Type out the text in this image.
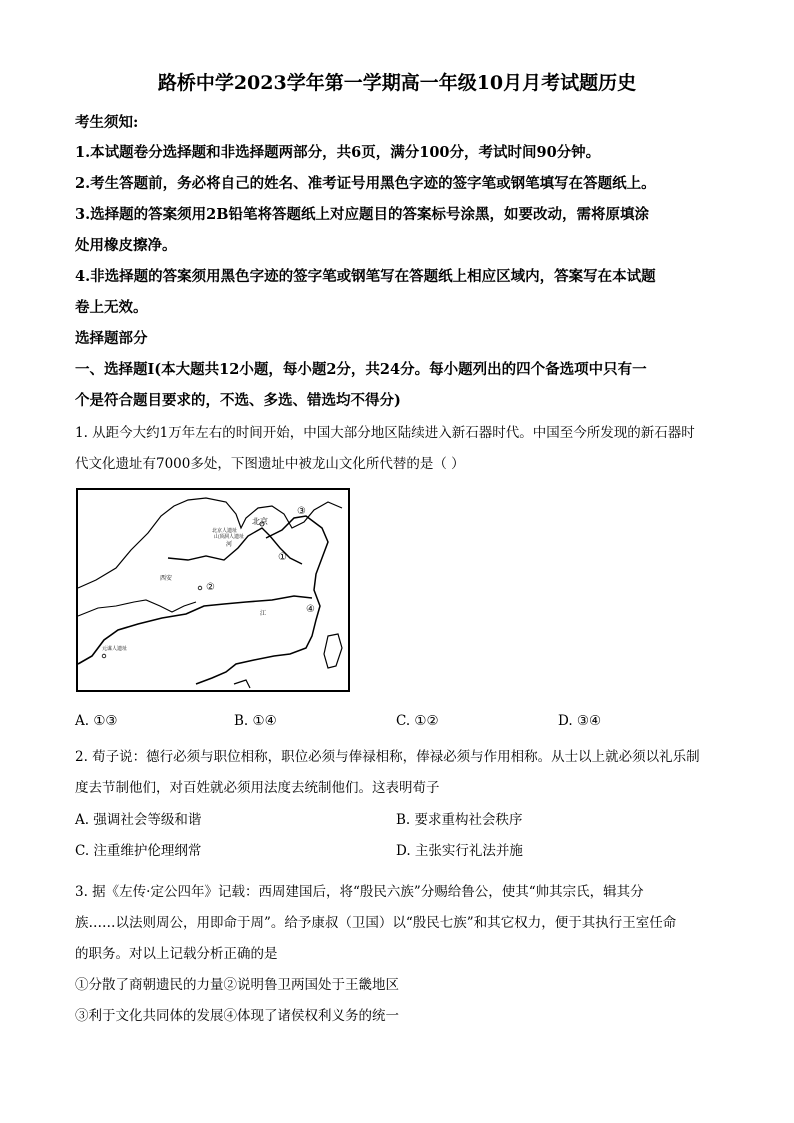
路桥中学2023学年第一学期高一年级10月月考试题历史
考生须知:
1.本试题卷分选择题和非选择题两部分，共6页，满分100分，考试时间90分钟。
2.考生答题前，务必将自己的姓名、准考证号用黑色字迹的签字笔或钢笔填写在答题纸上。
3.选择题的答案须用2B铅笔将答题纸上对应题目的答案标号涂黑，如要改动，需将原填涂
处用橡皮擦净。
4.非选择题的答案须用黑色字迹的签字笔或钢笔写在答题纸上相应区域内，答案写在本试题
卷上无效。
选择题部分
一、选择题Ⅰ(本大题共12小题，每小题2分，共24分。每小题列出的四个备选项中只有一
个是符合题目要求的，不选、多选、错选均不得分)
1. 从距今大约1万年左右的时间开始，中国大部分地区陆续进入新石器时代。中国至今所发现的新石器时
代文化遗址有7000多处，下图遗址中被龙山文化所代替的是（ ）
北京
北京人遗址
山顶洞人遗址
河
西安
江
元谋人遗址
③
①
②
④
A. ①③	B. ①④	C. ①②	D. ③④
2. 荀子说：德行必须与职位相称，职位必须与俸禄相称，俸禄必须与作用相称。从士以上就必须以礼乐制
度去节制他们，对百姓就必须用法度去统制他们。这表明荀子
A. 强调社会等级和谐	B. 要求重构社会秩序
C. 注重维护伦理纲常	D. 主张实行礼法并施
3. 据《左传·定公四年》记载：西周建国后，将“殷民六族”分赐给鲁公，使其“帅其宗氏，辑其分
族……以法则周公，用即命于周”。给予康叔（卫国）以“殷民七族”和其它权力，便于其执行王室任命
的职务。对以上记载分析正确的是
①分散了商朝遗民的力量②说明鲁卫两国处于王畿地区
③利于文化共同体的发展④体现了诸侯权利义务的统一
